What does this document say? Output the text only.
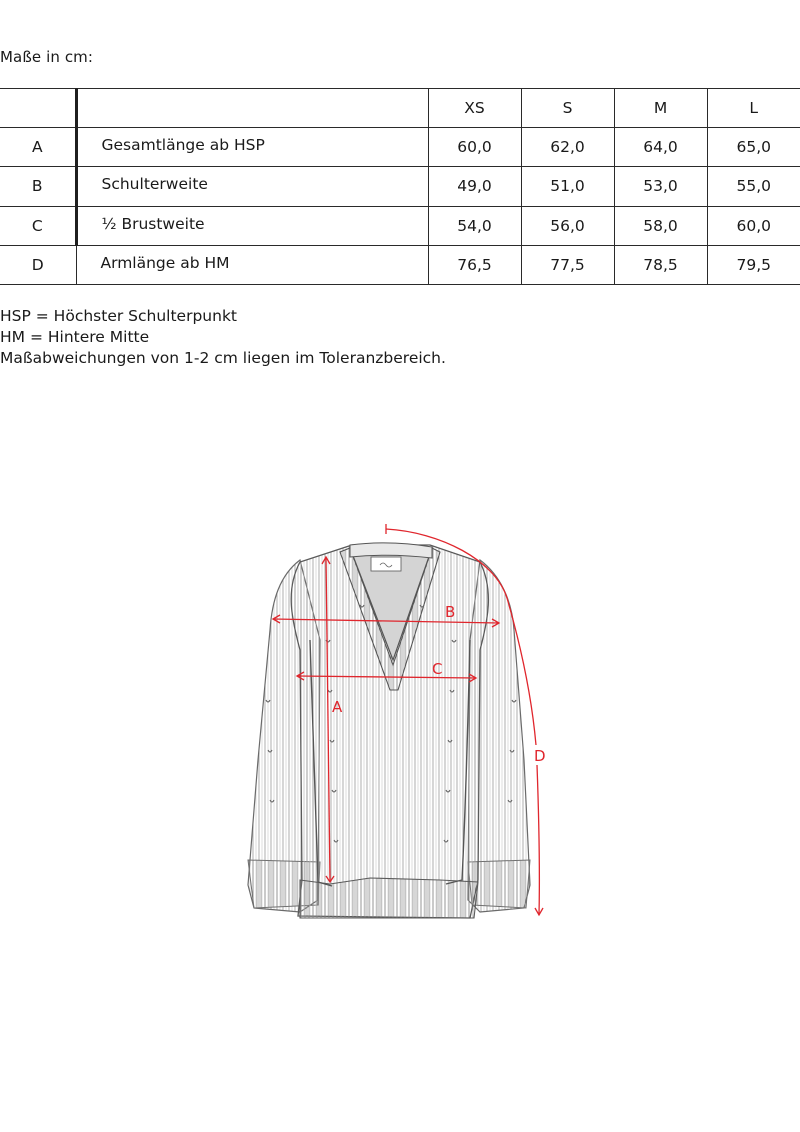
Maße in cm:
		XS	S	M	L
A	Gesamtlänge ab HSP	60,0	62,0	64,0	65,0
B	Schulterweite	49,0	51,0	53,0	55,0
C	½ Brustweite	54,0	56,0	58,0	60,0
D	Armlänge ab HM	76,5	77,5	78,5	79,5
HSP = Höchster Schulterpunkt
HM = Hintere Mitte
Maßabweichungen von 1-2 cm liegen im Toleranzbereich.
A
B
C
D
